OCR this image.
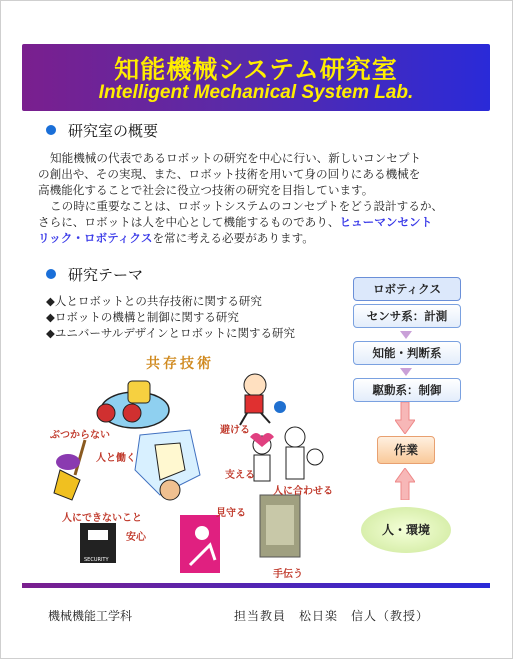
知能機械システム研究室
Intelligent Mechanical System Lab.
研究室の概要
知能機械の代表であるロボットの研究を中心に行い、新しいコンセプト
の創出や、その実現、また、ロボット技術を用いて身の回りにある機械を
高機能化することで社会に役立つ技術の研究を目指しています。
この時に重要なことは、ロボットシステムのコンセプトをどう設計するか、
さらに、ロボットは人を中心として機能するものであり、ヒューマンセント
リック・ロボティクスを常に考える必要があります。
研究テーマ
◆人とロボットとの共存技術に関する研究
◆ロボットの機構と制御に関する研究
◆ユニバーサルデザインとロボットに関する研究
共存技術
SECURITY
ぶつからない	避ける
人と働く
支える
人に合わせる
人にできないこと	見守る
安心
手伝う
ロボティクス
センサ系：計測
知能・判断系
駆動系：制御
作業
人・環境
機械機能工学科	担当教員　松日楽　信人（教授）
